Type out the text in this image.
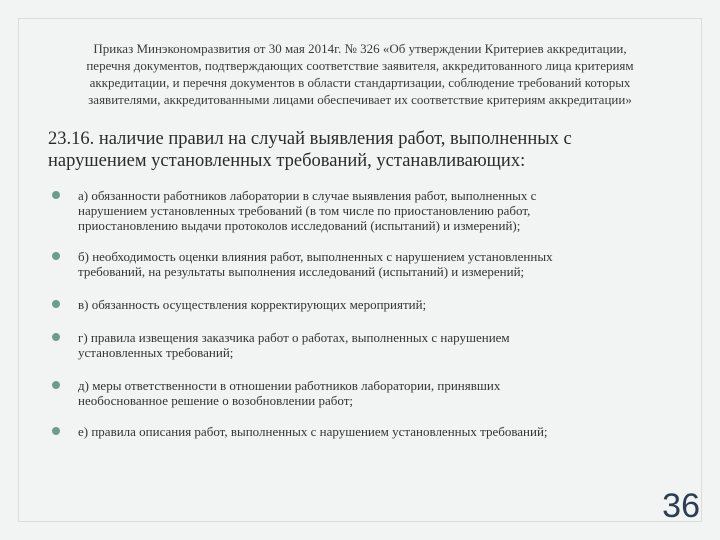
Приказ Минэкономразвития от 30 мая 2014г. № 326 «Об утверждении Критериев аккредитации,

перечня документов, подтверждающих соответствие заявителя, аккредитованного лица критериям

аккредитации, и перечня документов в области стандартизации, соблюдение требований которых

заявителями, аккредитованными лицами обеспечивает их соответствие критериям аккредитации»

23.16. наличие правил на случай выявления работ, выполненных с
нарушением установленных требований, устанавливающих:
а) обязанности работников лаборатории в случае выявления работ, выполненных с
нарушением установленных требований (в том числе по приостановлению работ,
приостановлению выдачи протоколов исследований (испытаний) и измерений);
б) необходимость оценки влияния работ, выполненных с нарушением установленных
требований, на результаты выполнения исследований (испытаний) и измерений;
в) обязанность осуществления корректирующих мероприятий;
г) правила извещения заказчика работ о работах, выполненных с нарушением
установленных требований;
д) меры ответственности в отношении работников лаборатории, принявших
необоснованное решение о возобновлении работ;
е) правила описания работ, выполненных с нарушением установленных требований;
36
